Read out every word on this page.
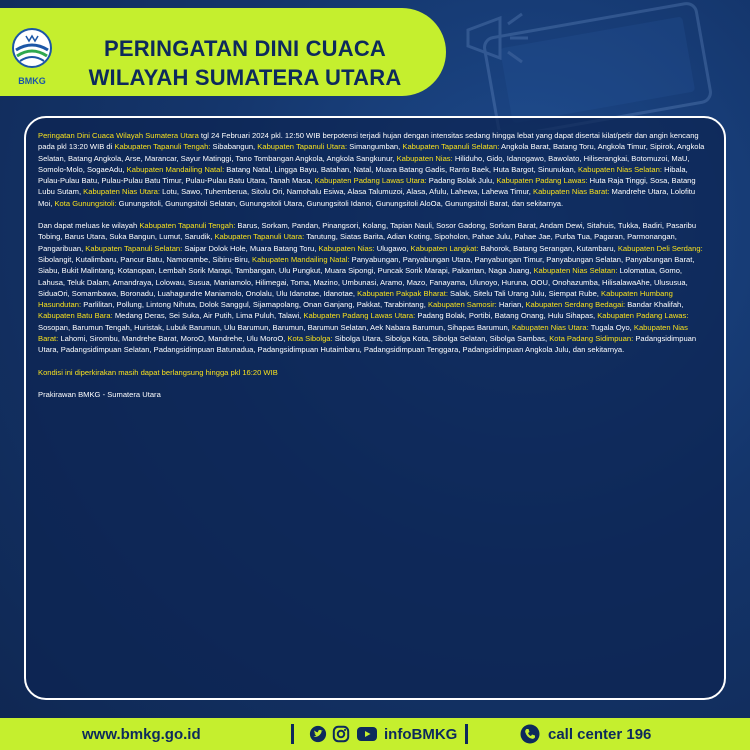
BMKG
PERINGATAN DINI CUACA
WILAYAH SUMATERA UTARA

Peringatan Dini Cuaca Wilayah Sumatera Utara tgl 24 Februari 2024 pkl. 12:50 WIB berpotensi terjadi hujan dengan intensitas sedang hingga lebat yang dapat disertai kilat/petir dan angin kencang pada pkl 13:20 WIB di Kabupaten Tapanuli Tengah: Sibabangun, Kabupaten Tapanuli Utara: Simangumban, Kabupaten Tapanuli Selatan: Angkola Barat, Batang Toru, Angkola Timur, Sipirok, Angkola Selatan, Batang Angkola, Arse, Marancar, Sayur Matinggi, Tano Tombangan Angkola, Angkola Sangkunur, Kabupaten Nias: Hiliduho, Gido, Idanogawo, Bawolato, Hiliserangkai, Botomuzoi, MaU, Somolo-Molo, SogaeAdu, Kabupaten Mandailing Natal: Batang Natal, Lingga Bayu, Batahan, Natal, Muara Batang Gadis, Ranto Baek, Huta Bargot, Sinunukan, Kabupaten Nias Selatan: Hibala, Pulau-Pulau Batu, Pulau-Pulau Batu Timur, Pulau-Pulau Batu Utara, Tanah Masa, Kabupaten Padang Lawas Utara: Padang Bolak Julu, Kabupaten Padang Lawas: Huta Raja Tinggi, Sosa, Batang Lubu Sutam, Kabupaten Nias Utara: Lotu, Sawo, Tuhemberua, Sitolu Ori, Namohalu Esiwa, Alasa Talumuzoi, Alasa, Afulu, Lahewa, Lahewa Timur, Kabupaten Nias Barat: Mandrehe Utara, Lolofitu Moi, Kota Gunungsitoli: Gunungsitoli, Gunungsitoli Selatan, Gunungsitoli Utara, Gunungsitoli Idanoi, Gunungsitoli AloOa, Gunungsitoli Barat, dan sekitarnya.

Dan dapat meluas ke wilayah Kabupaten Tapanuli Tengah: Barus, Sorkam, Pandan, Pinangsori, Kolang, Tapian Nauli, Sosor Gadong, Sorkam Barat, Andam Dewi, Sitahuis, Tukka, Badiri, Pasaribu Tobing, Barus Utara, Suka Bangun, Lumut, Sarudik, Kabupaten Tapanuli Utara: Tarutung, Siatas Barita, Adian Koting, Sipoholon, Pahae Julu, Pahae Jae, Purba Tua, Pagaran, Parmonangan, Pangaribuan, Kabupaten Tapanuli Selatan: Saipar Dolok Hole, Muara Batang Toru, Kabupaten Nias: Ulugawo, Kabupaten Langkat: Bahorok, Batang Serangan, Kutambaru, Kabupaten Deli Serdang: Sibolangit, Kutalimbaru, Pancur Batu, Namorambe, Sibiru-Biru, Kabupaten Mandailing Natal: Panyabungan, Panyabungan Utara, Panyabungan Timur, Panyabungan Selatan, Panyabungan Barat, Siabu, Bukit Malintang, Kotanopan, Lembah Sorik Marapi, Tambangan, Ulu Pungkut, Muara Sipongi, Puncak Sorik Marapi, Pakantan, Naga Juang, Kabupaten Nias Selatan: Lolomatua, Gomo, Lahusa, Teluk Dalam, Amandraya, Lolowau, Susua, Maniamolo, Hilimegai, Toma, Mazino, Umbunasi, Aramo, Mazo, Fanayama, Ulunoyo, Huruna, OOU, Onohazumba, HilisalawaAhe, Ulususua, SiduaOri, Somambawa, Boronadu, Luahagundre Maniamolo, Onolalu, Ulu Idanotae, Idanotae, Kabupaten Pakpak Bharat: Salak, Sitelu Tali Urang Julu, Siempat Rube, Kabupaten Humbang Hasundutan: Parlilitan, Pollung, Lintong Nihuta, Dolok Sanggul, Sijamapolang, Onan Ganjang, Pakkat, Tarabintang, Kabupaten Samosir: Harian, Kabupaten Serdang Bedagai: Bandar Khalifah, Kabupaten Batu Bara: Medang Deras, Sei Suka, Air Putih, Lima Puluh, Talawi, Kabupaten Padang Lawas Utara: Padang Bolak, Portibi, Batang Onang, Hulu Sihapas, Kabupaten Padang Lawas: Sosopan, Barumun Tengah, Huristak, Lubuk Barumun, Ulu Barumun, Barumun, Barumun Selatan, Aek Nabara Barumun, Sihapas Barumun, Kabupaten Nias Utara: Tugala Oyo, Kabupaten Nias Barat: Lahomi, Sirombu, Mandrehe Barat, MoroO, Mandrehe, Ulu MoroO, Kota Sibolga: Sibolga Utara, Sibolga Kota, Sibolga Selatan, Sibolga Sambas, Kota Padang Sidimpuan: Padangsidimpuan Utara, Padangsidimpuan Selatan, Padangsidimpuan Batunadua, Padangsidimpuan Hutaimbaru, Padangsidimpuan Tenggara, Padangsidimpuan Angkola Julu, dan sekitarnya.

Kondisi ini diperkirakan masih dapat berlangsung hingga pkl 16:20 WIB

Prakirawan BMKG - Sumatera Utara

www.bmkg.go.id	infoBMKG	call center 196
